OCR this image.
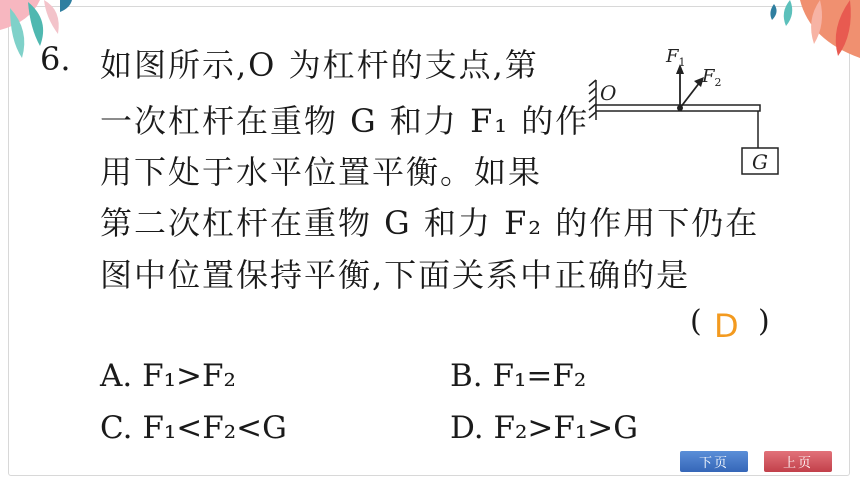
6. 如图所示,O 为杠杆的支点,第
一次杠杆在重物 G 和力 F₁ 的作
用下处于水平位置平衡。如果
第二次杠杆在重物 G 和力 F₂ 的作用下仍在
图中位置保持平衡,下面关系中正确的是
( D )
A. F₁>F₂	B. F₁=F₂
C. F₁<F₂<G	D. F₂>F₁>G
G
O
$F_1$
$F_2$
下页	上页
